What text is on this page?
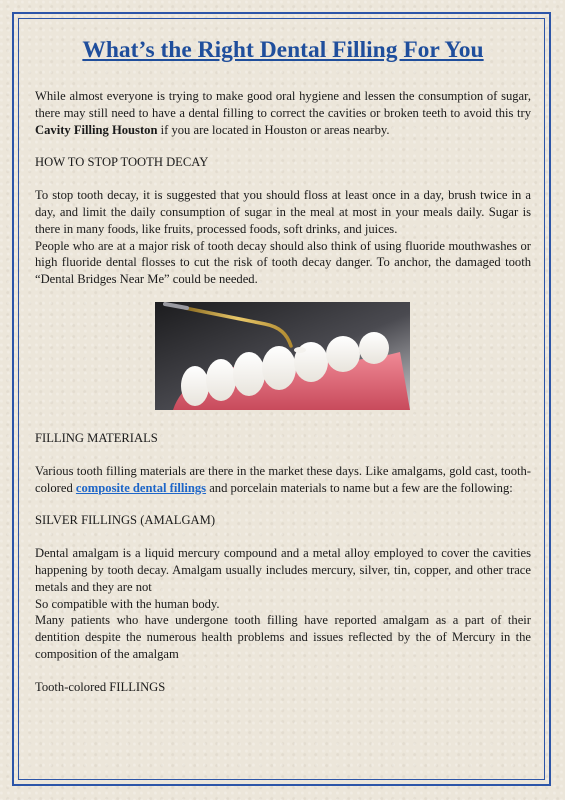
What’s the Right Dental Filling For You

While almost everyone is trying to make good oral hygiene and lessen the consumption of sugar, there may still need to have a dental filling to correct the cavities or broken teeth to avoid this try Cavity Filling Houston if you are located in Houston or areas nearby.

HOW TO STOP TOOTH DECAY

To stop tooth decay, it is suggested that you should floss at least once in a day, brush twice in a day, and limit the daily consumption of sugar in the meal at most in your meals daily. Sugar is there in many foods, like fruits, processed foods, soft drinks, and juices.

People who are at a major risk of tooth decay should also think of using fluoride mouthwashes or high fluoride dental flosses to cut the risk of tooth decay danger. To anchor, the damaged tooth “Dental Bridges Near Me” could be needed.

FILLING MATERIALS

Various tooth filling materials are there in the market these days. Like amalgams, gold cast, tooth-colored composite dental fillings and porcelain materials to name but a few are the following:

SILVER FILLINGS (AMALGAM)

Dental amalgam is a liquid mercury compound and a metal alloy employed to cover the cavities happening by tooth decay. Amalgam usually includes mercury, silver, tin, copper, and other trace metals and they are not

So compatible with the human body.

Many patients who have undergone tooth filling have reported amalgam as a part of their dentition despite the numerous health problems and issues reflected by the of Mercury in the composition of the amalgam

Tooth-colored FILLINGS
